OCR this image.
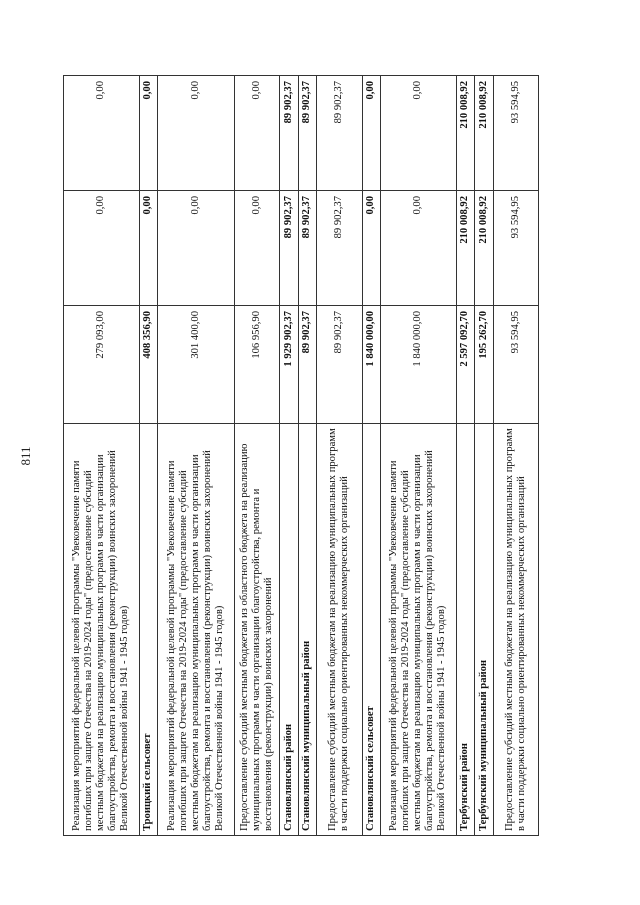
811
Реализация мероприятий федеральной целевой программы "Увековечение памяти погибших при защите Отечества на 2019-2024 годы" (предоставление субсидий местным бюджетам на реализацию муниципальных программ в части организации благоустройства, ремонта и восстановления (реконструкции) воинских захоронений Великой Отечественной войны 1941 - 1945 годов)	279 093,00	0,00	0,00
Троицкий сельсовет	408 356,90	0,00	0,00
Реализация мероприятий федеральной целевой программы "Увековечение памяти погибших при защите Отечества на 2019-2024 годы" (предоставление субсидий местным бюджетам на реализацию муниципальных программ в части организации благоустройства, ремонта и восстановления (реконструкции) воинских захоронений Великой Отечественной войны 1941 - 1945 годов)	301 400,00	0,00	0,00
Предоставление субсидий местным бюджетам из областного бюджета на реализацию муниципальных программ в части организации благоустройства, ремонта и восстановления (реконструкции) воинских захоронений	106 956,90	0,00	0,00
Становлянский район	1 929 902,37	89 902,37	89 902,37
Становлянский муниципальный район	89 902,37	89 902,37	89 902,37
Предоставление субсидий местным бюджетам на реализацию муниципальных программ в части поддержки социально ориентированных некоммерческих организаций	89 902,37	89 902,37	89 902,37
Становлянский сельсовет	1 840 000,00	0,00	0,00
Реализация мероприятий федеральной целевой программы "Увековечение памяти погибших при защите Отечества на 2019-2024 годы" (предоставление субсидий местным бюджетам на реализацию муниципальных программ в части организации благоустройства, ремонта и восстановления (реконструкции) воинских захоронений Великой Отечественной войны 1941 - 1945 годов)	1 840 000,00	0,00	0,00
Тербунский район	2 597 092,70	210 008,92	210 008,92
Тербунский муниципальный район	195 262,70	210 008,92	210 008,92
Предоставление субсидий местным бюджетам на реализацию муниципальных программ в части поддержки социально ориентированных некоммерческих организаций	93 594,95	93 594,95	93 594,95
